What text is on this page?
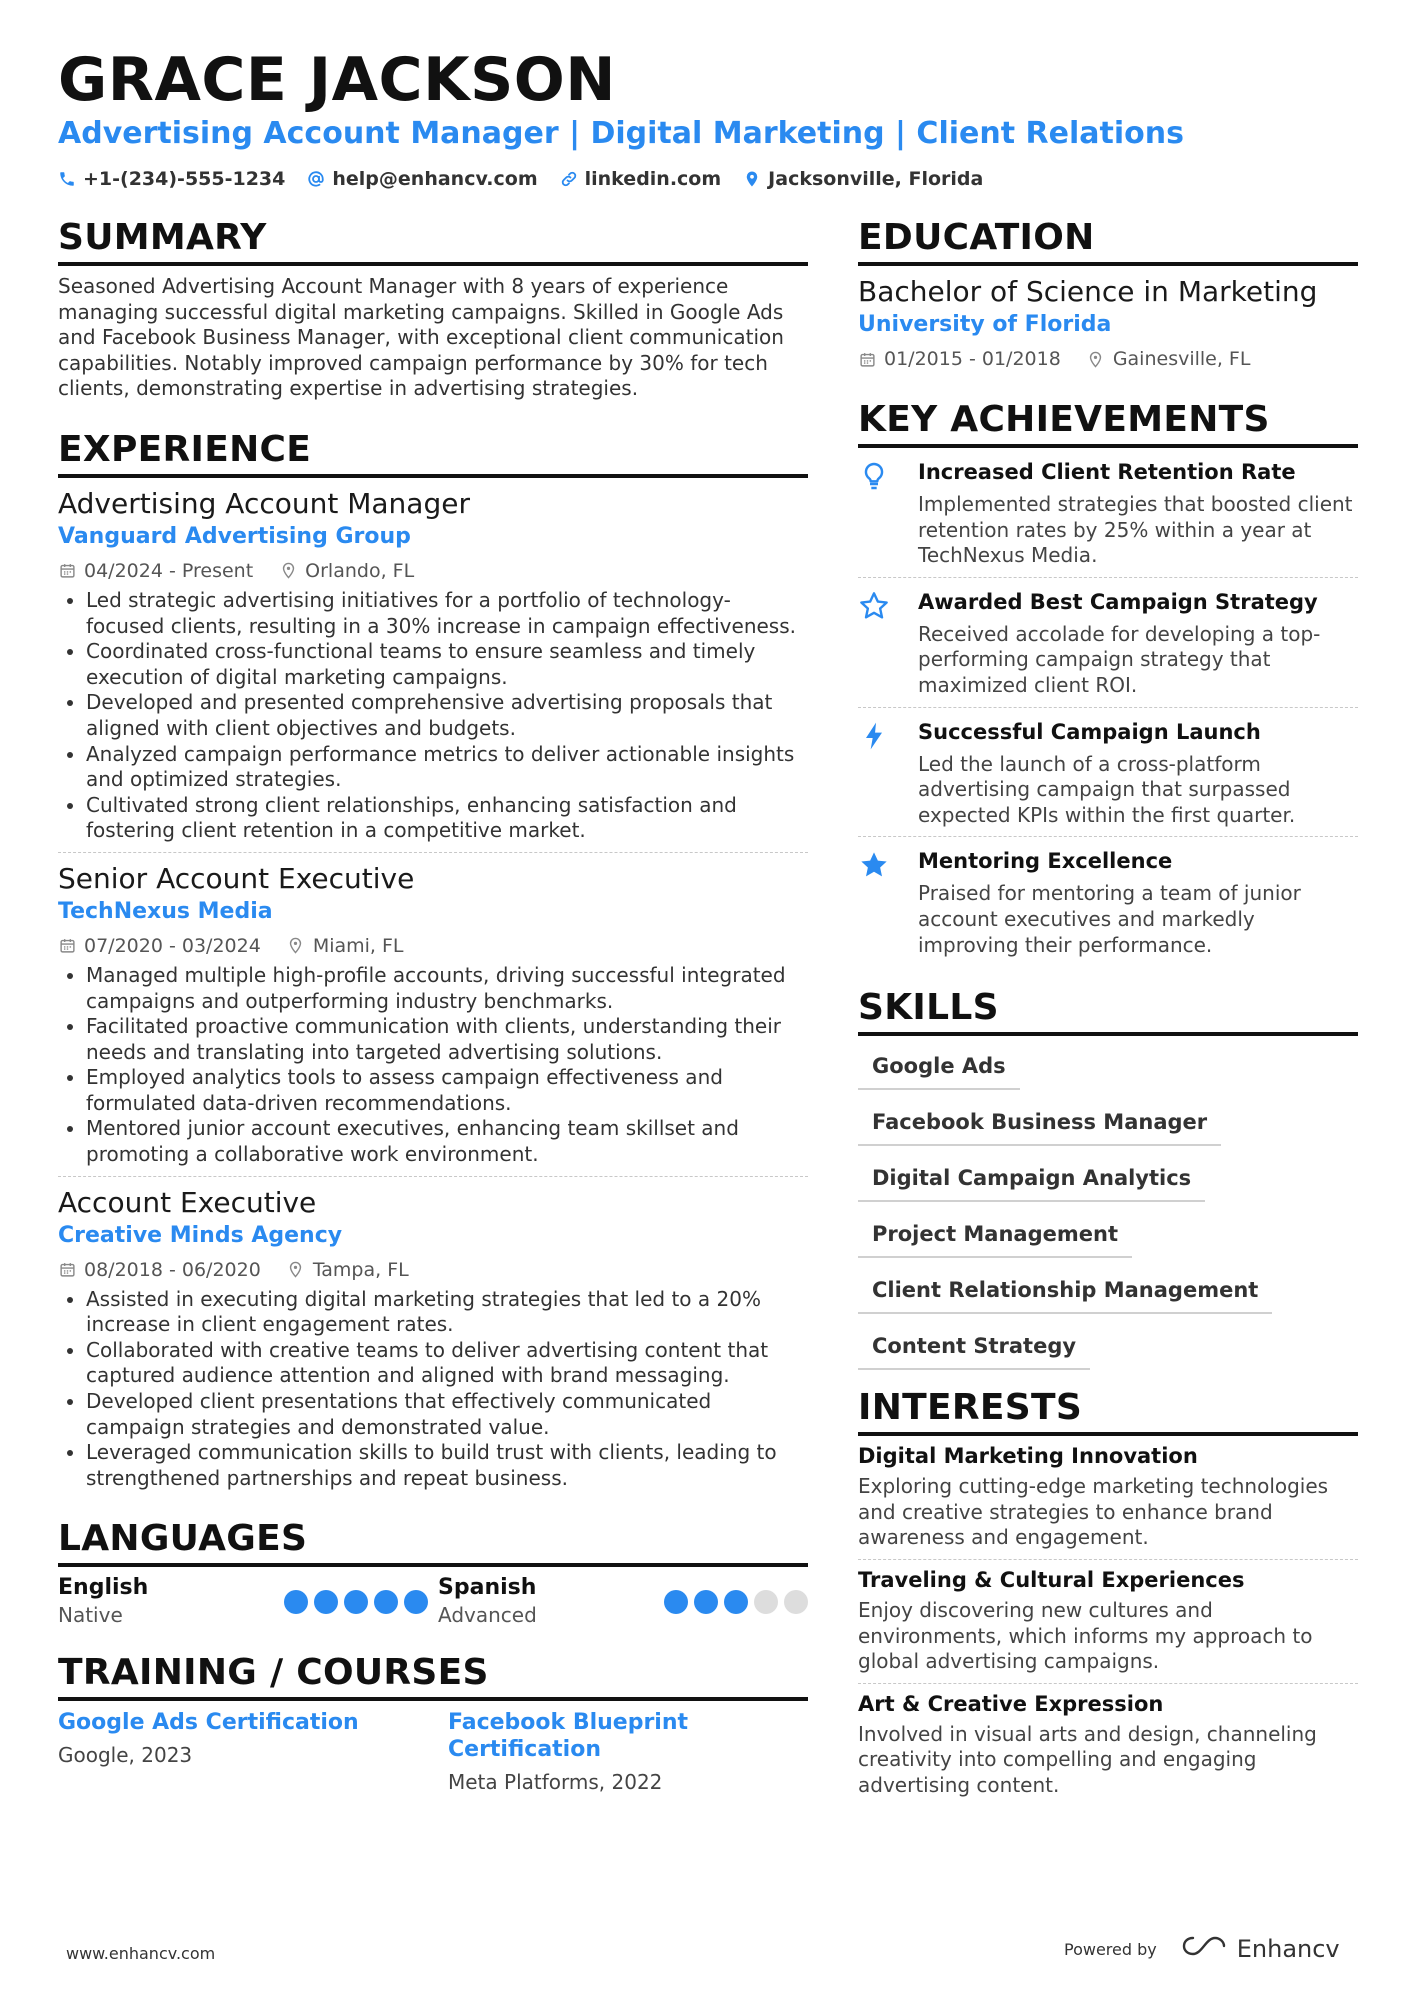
GRACE JACKSON
Advertising Account Manager | Digital Marketing | Client Relations
+1-(234)-555-1234 help@enhancv.com linkedin.com Jacksonville, Florida
SUMMARY

Seasoned Advertising Account Manager with 8 years of experience managing successful digital marketing campaigns. Skilled in Google Ads and Facebook Business Manager, with exceptional client communication capabilities. Notably improved campaign performance by 30% for tech clients, demonstrating expertise in advertising strategies.

EXPERIENCE
Advertising Account Manager
Vanguard Advertising Group
04/2024 - Present	Orlando, FL
• Led strategic advertising initiatives for a portfolio of technology-focused clients, resulting in a 30% increase in campaign effectiveness.
• Coordinated cross-functional teams to ensure seamless and timely execution of digital marketing campaigns.
• Developed and presented comprehensive advertising proposals that aligned with client objectives and budgets.
• Analyzed campaign performance metrics to deliver actionable insights and optimized strategies.
• Cultivated strong client relationships, enhancing satisfaction and fostering client retention in a competitive market.
Senior Account Executive
TechNexus Media
07/2020 - 03/2024	Miami, FL
• Managed multiple high-profile accounts, driving successful integrated campaigns and outperforming industry benchmarks.
• Facilitated proactive communication with clients, understanding their needs and translating into targeted advertising solutions.
• Employed analytics tools to assess campaign effectiveness and formulated data-driven recommendations.
• Mentored junior account executives, enhancing team skillset and promoting a collaborative work environment.
Account Executive
Creative Minds Agency
08/2018 - 06/2020	Tampa, FL
• Assisted in executing digital marketing strategies that led to a 20% increase in client engagement rates.
• Collaborated with creative teams to deliver advertising content that captured audience attention and aligned with brand messaging.
• Developed client presentations that effectively communicated campaign strategies and demonstrated value.
• Leveraged communication skills to build trust with clients, leading to strengthened partnerships and repeat business.
LANGUAGES
English
Native
Spanish
Advanced
TRAINING / COURSES
Google Ads Certification
Google, 2023
Facebook Blueprint Certification
Meta Platforms, 2022
EDUCATION
Bachelor of Science in Marketing
University of Florida
01/2015 - 01/2018	Gainesville, FL
KEY ACHIEVEMENTS
Increased Client Retention Rate
Implemented strategies that boosted client retention rates by 25% within a year at TechNexus Media.
Awarded Best Campaign Strategy
Received accolade for developing a top-performing campaign strategy that maximized client ROI.
Successful Campaign Launch
Led the launch of a cross-platform advertising campaign that surpassed expected KPIs within the first quarter.
Mentoring Excellence
Praised for mentoring a team of junior account executives and markedly improving their performance.
SKILLS
Google Ads
Facebook Business Manager
Digital Campaign Analytics
Project Management
Client Relationship Management
Content Strategy
INTERESTS
Digital Marketing Innovation
Exploring cutting-edge marketing technologies and creative strategies to enhance brand awareness and engagement.
Traveling & Cultural Experiences
Enjoy discovering new cultures and environments, which informs my approach to global advertising campaigns.
Art & Creative Expression
Involved in visual arts and design, channeling creativity into compelling and engaging advertising content.
www.enhancv.com	Powered by	Enhancv
